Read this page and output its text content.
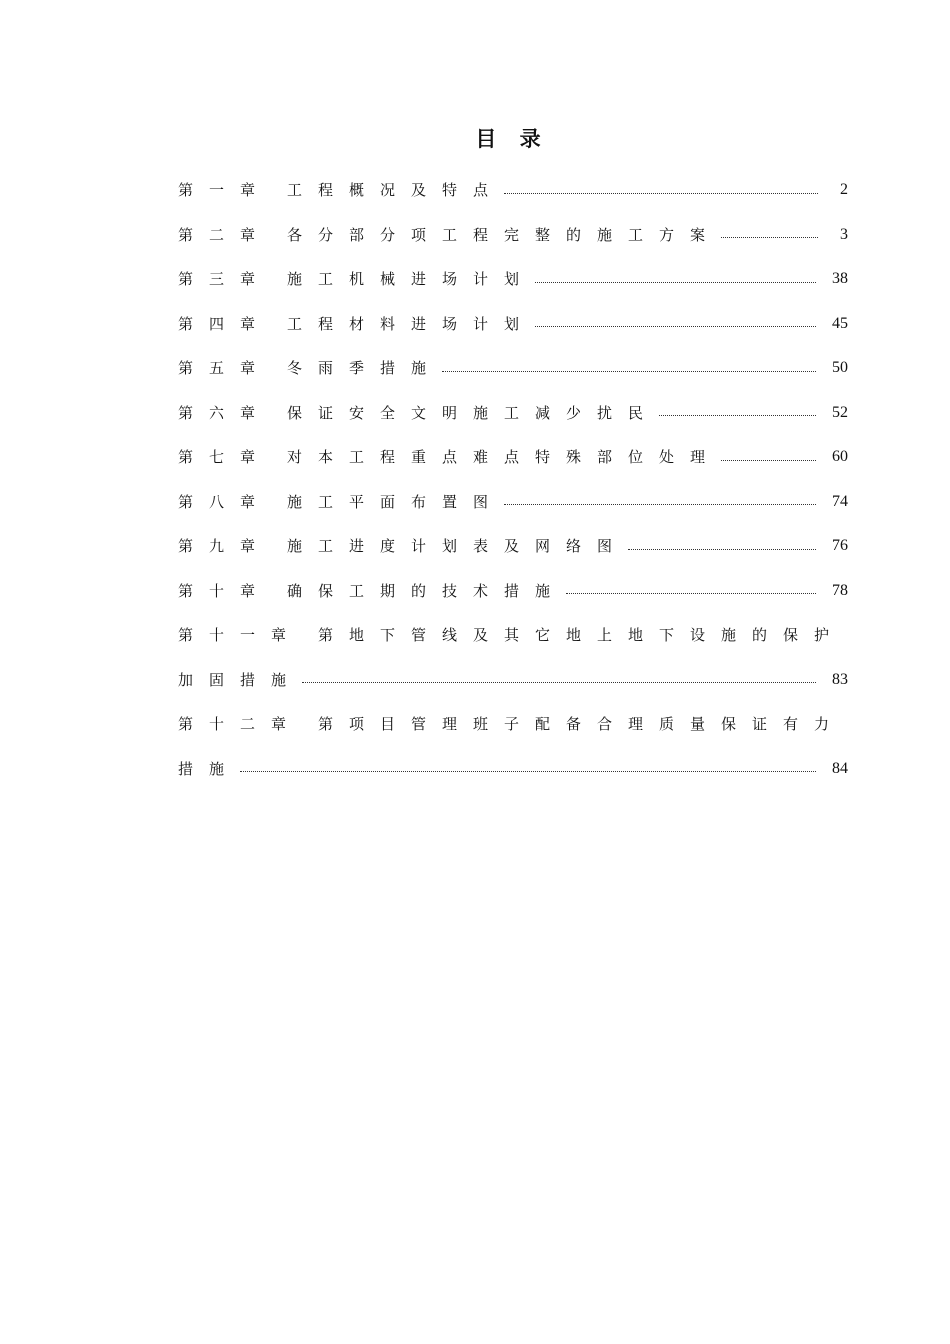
目 录
第一章 工程概况及特点	2
第二章 各分部分项工程完整的施工方案	3
第三章 施工机械进场计划	38
第四章 工程材料进场计划	45
第五章 冬雨季措施	50
第六章 保证安全文明施工减少扰民	52
第七章 对本工程重点难点特殊部位处理	60
第八章 施工平面布置图	74
第九章 施工进度计划表及网络图	76
第十章 确保工期的技术措施	78
第十一章 第地下管线及其它地上地下设施的保护
加固措施	83
第十二章 第项目管理班子配备合理质量保证有力
措施	84
